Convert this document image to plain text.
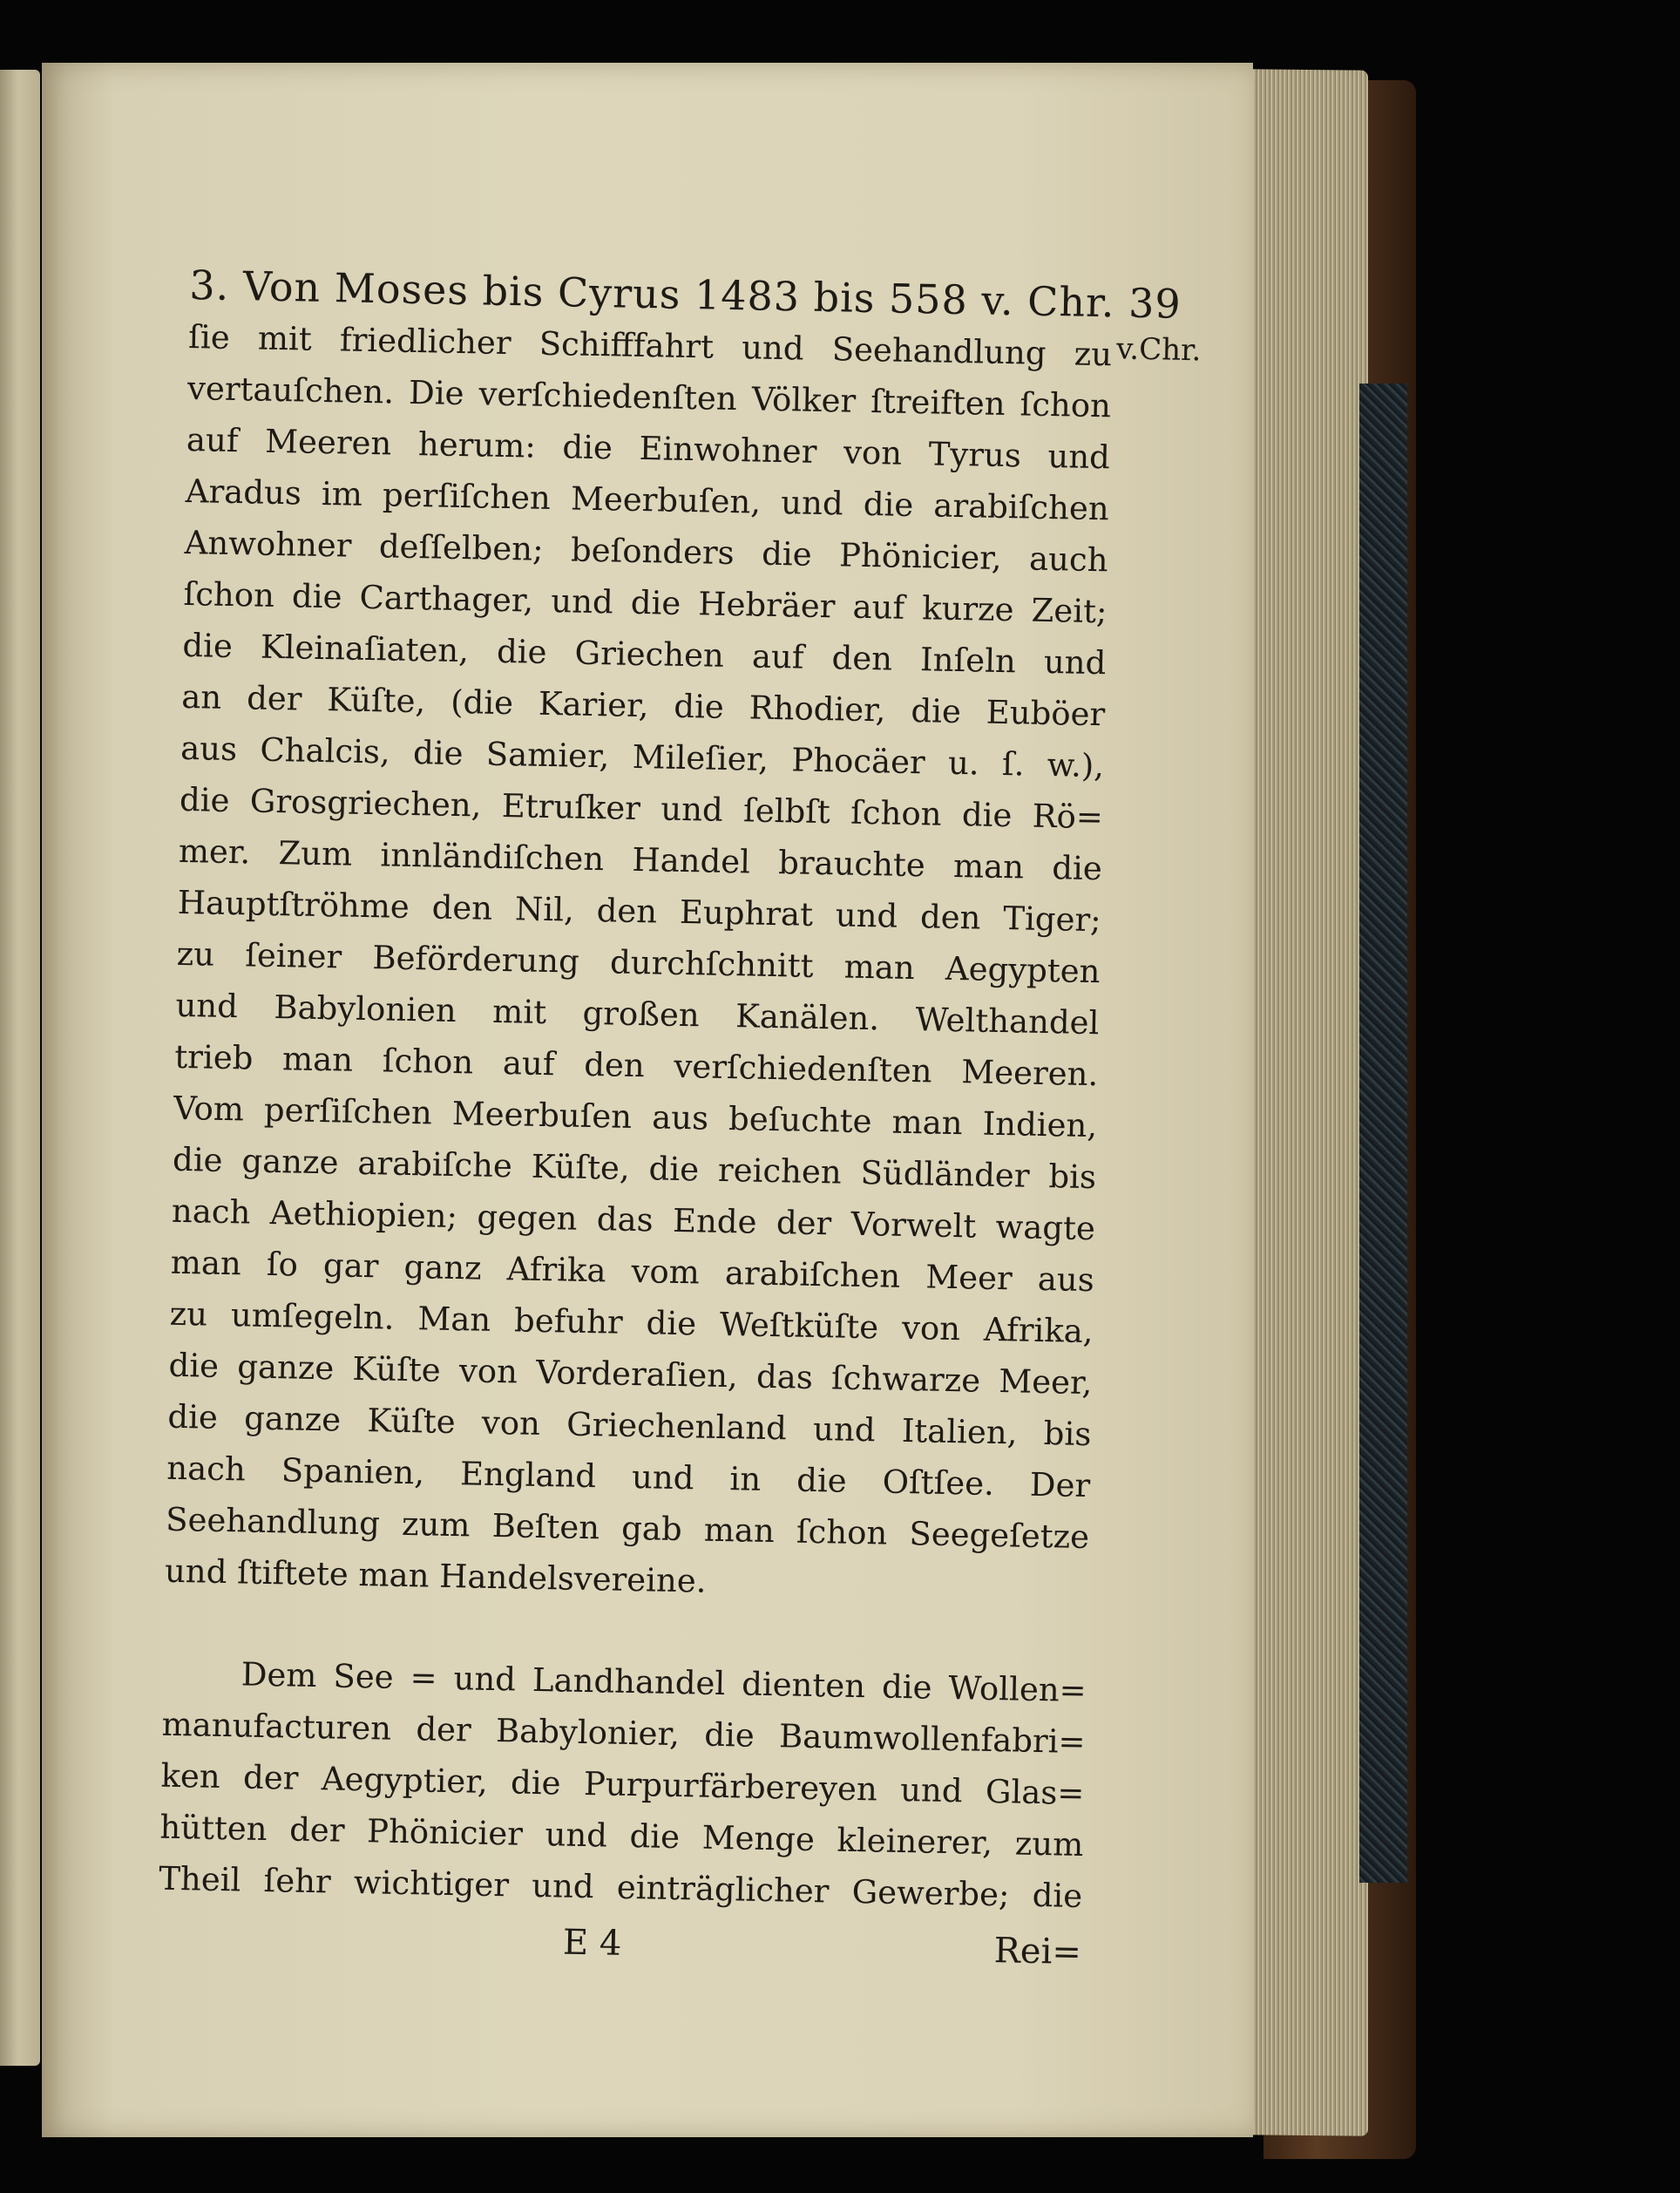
3. Von Moses bis Cyrus 1483 bis 558 v. Chr. 39
v.Chr.
ſie mit friedlicher Schifffahrt und Seehandlung zu
vertauſchen. Die verſchiedenſten Völker ſtreiften ſchon
auf Meeren herum: die Einwohner von Tyrus und
Aradus im perſiſchen Meerbuſen, und die arabiſchen
Anwohner deſſelben; beſonders die Phönicier, auch
ſchon die Carthager, und die Hebräer auf kurze Zeit;
die Kleinaſiaten, die Griechen auf den Inſeln und
an der Küſte, (die Karier, die Rhodier, die Euböer
aus Chalcis, die Samier, Mileſier, Phocäer u. ſ. w.),
die Grosgriechen, Etruſker und ſelbſt ſchon die Rö=
mer. Zum innländiſchen Handel brauchte man die
Hauptſtröhme den Nil, den Euphrat und den Tiger;
zu ſeiner Beförderung durchſchnitt man Aegypten
und Babylonien mit großen Kanälen. Welthandel
trieb man ſchon auf den verſchiedenſten Meeren.
Vom perſiſchen Meerbuſen aus beſuchte man Indien,
die ganze arabiſche Küſte, die reichen Südländer bis
nach Aethiopien; gegen das Ende der Vorwelt wagte
man ſo gar ganz Afrika vom arabiſchen Meer aus
zu umſegeln. Man befuhr die Weſtküſte von Afrika,
die ganze Küſte von Vorderaſien, das ſchwarze Meer,
die ganze Küſte von Griechenland und Italien, bis
nach Spanien, England und in die Oſtſee. Der
Seehandlung zum Beſten gab man ſchon Seegeſetze
und ſtiftete man Handelsvereine.
Dem See = und Landhandel dienten die Wollen=
manufacturen der Babylonier, die Baumwollenfabri=
ken der Aegyptier, die Purpurfärbereyen und Glas=
hütten der Phönicier und die Menge kleinerer, zum
Theil ſehr wichtiger und einträglicher Gewerbe; die
E 4	Rei=
